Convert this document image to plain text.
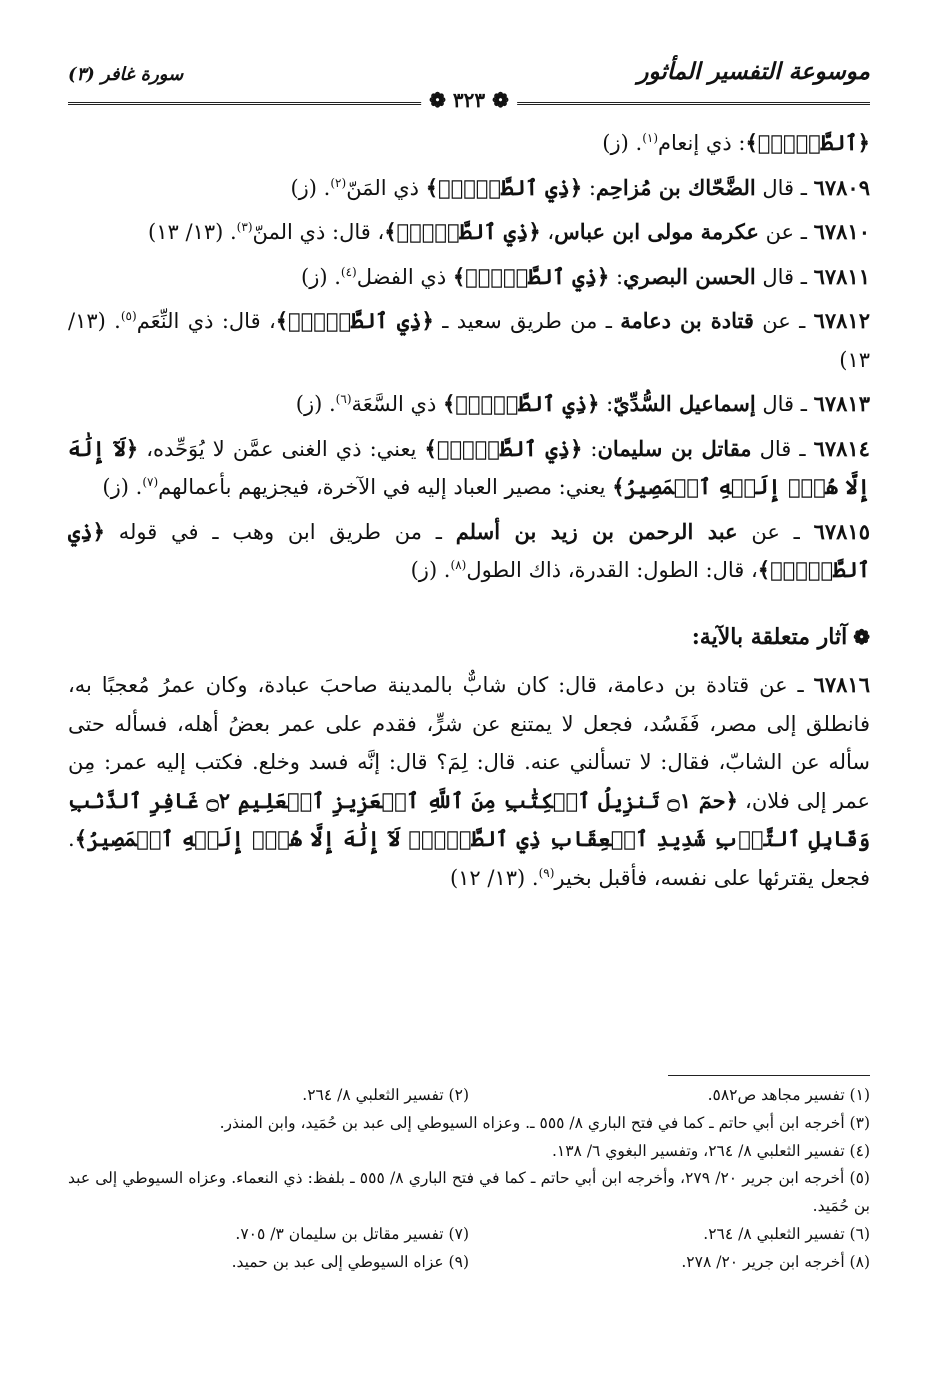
موسوعة التفسير المأثور
❁ ٣٢٣ ❁
سورة غافر (٣)

﴿ٱلطَّوۡلِۖ﴾: ذي إنعام$^{(١)}$. (ز)

٦٧٨٠٩ ـ قال الضَّحّاك بن مُزاحِم: ﴿ذِي ٱلطَّوۡلِۖ﴾ ذي المَنّ$^{(٢)}$. (ز)

٦٧٨١٠ ـ عن عكرمة مولى ابن عباس، ﴿ذِي ٱلطَّوۡلِۖ﴾، قال: ذي المنّ$^{(٣)}$. (١٣/ ١٣)

٦٧٨١١ ـ قال الحسن البصري: ﴿ذِي ٱلطَّوۡلِۖ﴾ ذي الفضل$^{(٤)}$. (ز)

٦٧٨١٢ ـ عن قتادة بن دعامة ـ من طريق سعيد ـ ﴿ذِي ٱلطَّوۡلِۖ﴾، قال: ذي النِّعَم$^{(٥)}$. (١٣/ ١٣)

٦٧٨١٣ ـ قال إسماعيل السُّدِّيّ: ﴿ذِي ٱلطَّوۡلِۖ﴾ ذي السَّعَة$^{(٦)}$. (ز)

٦٧٨١٤ ـ قال مقاتل بن سليمان: ﴿ذِي ٱلطَّوۡلِۖ﴾ يعني: ذي الغنى عمَّن لا يُوَحِّده، ﴿لَآ إِلَٰهَ إِلَّا هُوَۖ إِلَيۡهِ ٱلۡمَصِيرُ﴾ يعني: مصير العباد إليه في الآخرة، فيجزيهم بأعمالهم$^{(٧)}$. (ز)

٦٧٨١٥ ـ عن عبد الرحمن بن زيد بن أسلم ـ من طريق ابن وهب ـ في قوله ﴿ذِي ٱلطَّوۡلِۖ﴾، قال: الطول: القدرة، ذاك الطول$^{(٨)}$. (ز)

❁آثار متعلقة بالآية:

٦٧٨١٦ ـ عن قتادة بن دعامة، قال: كان شابٌّ بالمدينة صاحبَ عبادة، وكان عمرُ مُعجبًا به، فانطلق إلى مصر، فَفَسُد، فجعل لا يمتنع عن شرٍّ، فقدم على عمر بعضُ أهله، فسأله حتى سأله عن الشابّ، فقال: لا تسألني عنه. قال: لِمَ؟ قال: إنَّه فسد وخلع. فكتب إليه عمر: مِن عمر إلى فلان، ﴿حمٓ ۝١ تَنزِيلُ ٱلۡكِتَٰبِ مِنَ ٱللَّهِ ٱلۡعَزِيزِ ٱلۡعَلِيمِ ۝٢ غَافِرِ ٱلذَّنۢبِ وَقَابِلِ ٱلتَّوۡبِ شَدِيدِ ٱلۡعِقَابِ ذِي ٱلطَّوۡلِۖ لَآ إِلَٰهَ إِلَّا هُوَۖ إِلَيۡهِ ٱلۡمَصِيرُ﴾. فجعل يقترئها على نفسه، فأقبل بخير$^{(٩)}$. (١٣/ ١٢)

(١) تفسير مجاهد ص٥٨٢.
(٢) تفسير الثعلبي ٨/ ٢٦٤.
(٣) أخرجه ابن أبي حاتم ـ كما في فتح الباري ٨/ ٥٥٥ ـ. وعزاه السيوطي إلى عبد بن حُمَيد، وابن المنذر.
(٤) تفسير الثعلبي ٨/ ٢٦٤، وتفسير البغوي ٦/ ١٣٨.
(٥) أخرجه ابن جرير ٢٠/ ٢٧٩، وأخرجه ابن أبي حاتم ـ كما في فتح الباري ٨/ ٥٥٥ ـ بلفظ: ذي النعماء. وعزاه السيوطي إلى عبد بن حُمَيد.
(٦) تفسير الثعلبي ٨/ ٢٦٤.
(٧) تفسير مقاتل بن سليمان ٣/ ٧٠٥.
(٨) أخرجه ابن جرير ٢٠/ ٢٧٨.
(٩) عزاه السيوطي إلى عبد بن حميد.
